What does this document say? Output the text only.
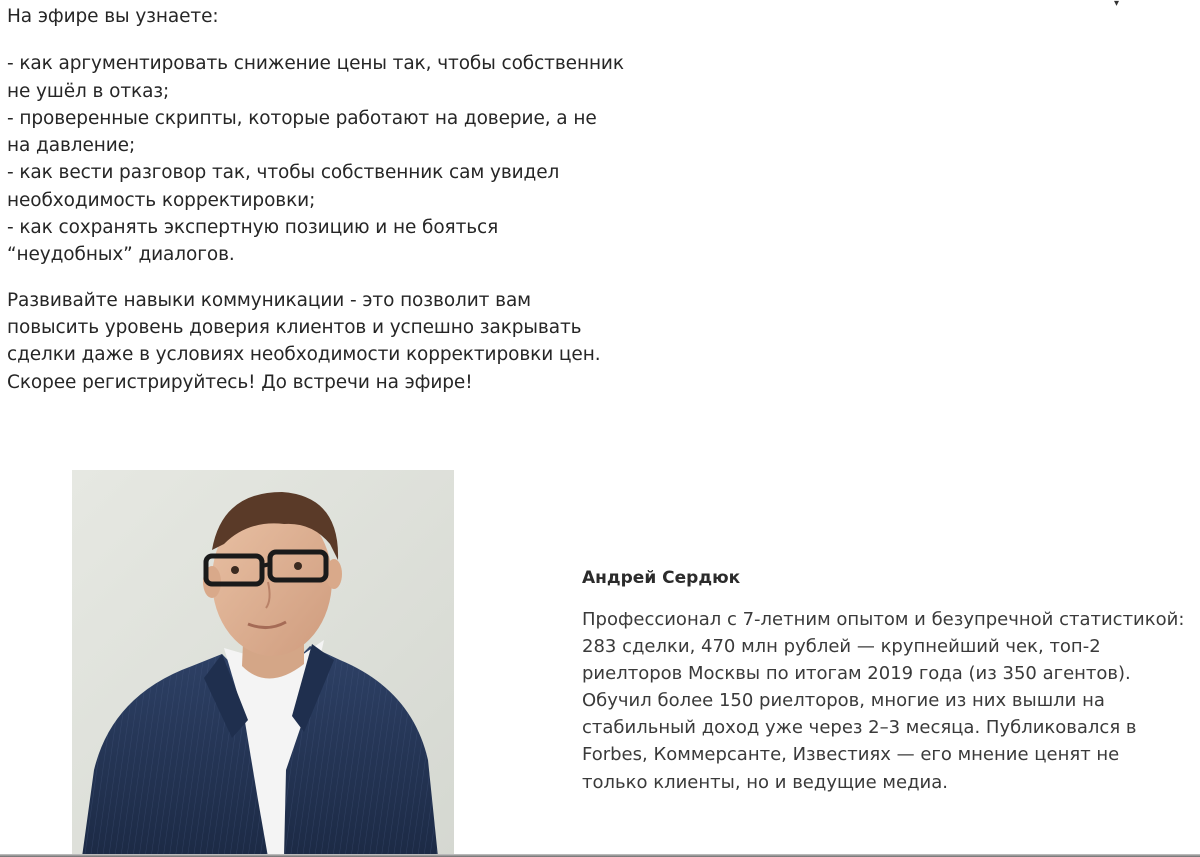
▾

На эфире вы узнаете:

- как аргументировать снижение цены так, чтобы собственник
не ушёл в отказ;
- проверенные скрипты, которые работают на доверие, а не
на давление;
- как вести разговор так, чтобы собственник сам увидел
необходимость корректировки;
- как сохранять экспертную позицию и не бояться
“неудобных” диалогов.
Развивайте навыки коммуникации - это позволит вам
повысить уровень доверия клиентов и успешно закрывать
сделки даже в условиях необходимости корректировки цен.
Скорее регистрируйтесь! До встречи на эфире!

Андрей Сердюк

Профессионал с 7-летним опытом и безупречной статистикой:
283 сделки, 470 млн рублей — крупнейший чек, топ-2
риелторов Москвы по итогам 2019 года (из 350 агентов).
Обучил более 150 риелторов, многие из них вышли на
стабильный доход уже через 2–3 месяца. Публиковался в
Forbes, Коммерсанте, Известиях — его мнение ценят не
только клиенты, но и ведущие медиа.
